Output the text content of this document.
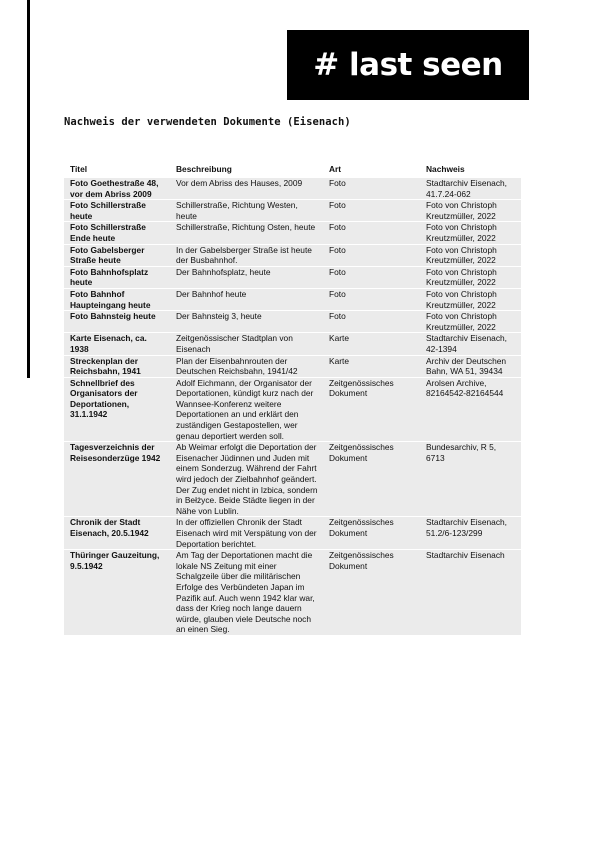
# last seen
Nachweis der verwendeten Dokumente (Eisenach)
Titel	Beschreibung	Art	Nachweis
Foto Goethestraße 48, vor dem Abriss 2009	Vor dem Abriss des Hauses, 2009	Foto	Stadtarchiv Eisenach, 41.7.24-062
Foto Schillerstraße heute	Schillerstraße, Richtung Westen, heute	Foto	Foto von Christoph Kreutzmüller, 2022
Foto Schillerstraße Ende heute	Schillerstraße, Richtung Osten, heute	Foto	Foto von Christoph Kreutzmüller, 2022
Foto Gabelsberger Straße heute	In der Gabelsberger Straße ist heute der Busbahnhof.	Foto	Foto von Christoph Kreutzmüller, 2022
Foto Bahnhofsplatz heute	Der Bahnhofsplatz, heute	Foto	Foto von Christoph Kreutzmüller, 2022
Foto Bahnhof Haupteingang heute	Der Bahnhof heute	Foto	Foto von Christoph Kreutzmüller, 2022
Foto Bahnsteig heute	Der Bahnsteig 3, heute	Foto	Foto von Christoph Kreutzmüller, 2022
Karte Eisenach, ca. 1938	Zeitgenössischer Stadtplan von Eisenach	Karte	Stadtarchiv Eisenach, 42-1394
Streckenplan der Reichsbahn, 1941	Plan der Eisenbahnrouten der Deutschen Reichsbahn, 1941/42	Karte	Archiv der Deutschen Bahn, WA 51, 39434
Schnellbrief des Organisators der Deportationen, 31.1.1942	Adolf Eichmann, der Organisator der Deportationen, kündigt kurz nach der Wannsee-Konferenz weitere Deportationen an und erklärt den zuständigen Gestapostellen, wer genau deportiert werden soll.	Zeitgenössisches Dokument	Arolsen Archive, 82164542-82164544
Tagesverzeichnis der Reisesonderzüge 1942	Ab Weimar erfolgt die Deportation der Eisenacher Jüdinnen und Juden mit einem Sonderzug. Während der Fahrt wird jedoch der Zielbahnhof geändert. Der Zug endet nicht in Izbica, sondern in Bełżyce. Beide Städte liegen in der Nähe von Lublin.	Zeitgenössisches Dokument	Bundesarchiv, R 5, 6713
Chronik der Stadt Eisenach, 20.5.1942	In der offiziellen Chronik der Stadt Eisenach wird mit Verspätung von der Deportation berichtet.	Zeitgenössisches Dokument	Stadtarchiv Eisenach, 51.2/6-123/299
Thüringer Gauzeitung, 9.5.1942	Am Tag der Deportationen macht die lokale NS Zeitung mit einer Schalgzeile über die militärischen Erfolge des Verbündeten Japan im Pazifik auf. Auch wenn 1942 klar war, dass der Krieg noch lange dauern würde, glauben viele Deutsche noch an einen Sieg.	Zeitgenössisches Dokument	Stadtarchiv Eisenach
